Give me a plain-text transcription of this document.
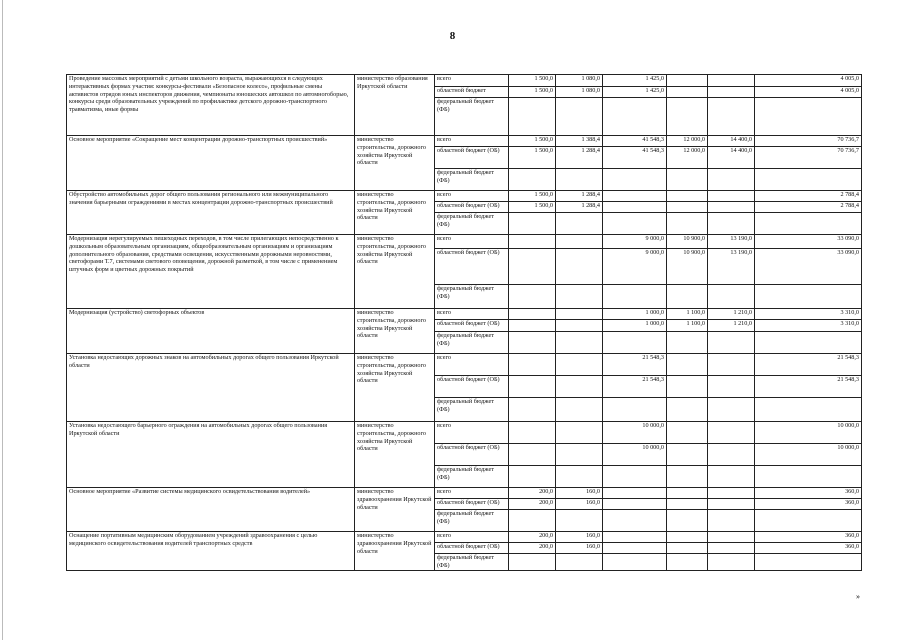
8
Проведение массовых мероприятий с детьми школьного возраста, выражающихся в следующих интерактивных формах участия: конкурсы-фестивали «Безопасное колесо», профильные смены активистов отрядов юных инспекторов движения, чемпионаты юношеских автошкол по автомногоборью, конкурсы среди образовательных учреждений по профилактике детского дорожно-транспортного травматизма, иные формы	министерство образования Иркутской области	всего	1 500,0	1 080,0	1 425,0			4 005,0
		областной бюджет	1 500,0	1 080,0	1 425,0			4 005,0
		федеральный бюджет (ФБ)						
Основное мероприятие «Сокращение мест концентрации дорожно-транспортных происшествий»	министерство строительства, дорожного хозяйства Иркутской области	всего	1 500,0	1 388,4	41 548,3	12 000,0	14 400,0	70 736,7
		областной бюджет (ОБ)	1 500,0	1 288,4	41 548,3	12 000,0	14 400,0	70 736,7
		федеральный бюджет (ФБ)						
Обустройство автомобильных дорог общего пользования регионального или межмуниципального значения барьерными ограждениями в местах концентрации дорожно-транспортных происшествий	министерство строительства, дорожного хозяйства Иркутской области	всего	1 500,0	1 288,4				2 788,4
		областной бюджет (ОБ)	1 500,0	1 288,4				2 788,4
		федеральный бюджет (ФБ)						
Модернизация нерегулируемых пешеходных переходов, в том числе прилегающих непосредственно к дошкольным образовательным организациям, общеобразовательным организациям и организациям дополнительного образования, средствами освещения, искусственными дорожными неровностями, светофорами Т.7, системами светового оповещения, дорожной разметкой, в том числе с применением штучных форм и цветных дорожных покрытий	министерство строительства, дорожного хозяйства Иркутской области	всего			9 000,0	10 900,0	13 190,0	33 090,0
		областной бюджет (ОБ)			9 000,0	10 900,0	13 190,0	33 090,0
		федеральный бюджет (ФБ)						
Модернизация (устройство) светофорных объектов	министерство строительства, дорожного хозяйства Иркутской области	всего			1 000,0	1 100,0	1 210,0	3 310,0
		областной бюджет (ОБ)			1 000,0	1 100,0	1 210,0	3 310,0
		федеральный бюджет (ФБ)						
Установка недостающих дорожных знаков на автомобильных дорогах общего пользования Иркутской области	министерство строительства, дорожного хозяйства Иркутской области	всего			21 548,3			21 548,3
		областной бюджет (ОБ)			21 548,3			21 548,3
		федеральный бюджет (ФБ)						
Установка недостающего барьерного ограждения на автомобильных дорогах общего пользования Иркутской области	министерство строительства, дорожного хозяйства Иркутской области	всего			10 000,0			10 000,0
		областной бюджет (ОБ)			10 000,0			10 000,0
		федеральный бюджет (ФБ)						
Основное мероприятие «Развитие системы медицинского освидетельствования водителей»	министерство здравоохранения Иркутской области	всего	200,0	160,0				360,0
		областной бюджет (ОБ)	200,0	160,0				360,0
		федеральный бюджет (ФБ)						
Оснащение портативным медицинским оборудованием учреждений здравоохранения с целью медицинского освидетельствования водителей транспортных средств	министерство здравоохранения Иркутской области	всего	200,0	160,0				360,0
		областной бюджет (ОБ)	200,0	160,0				360,0
		федеральный бюджет (ФБ)						
»
